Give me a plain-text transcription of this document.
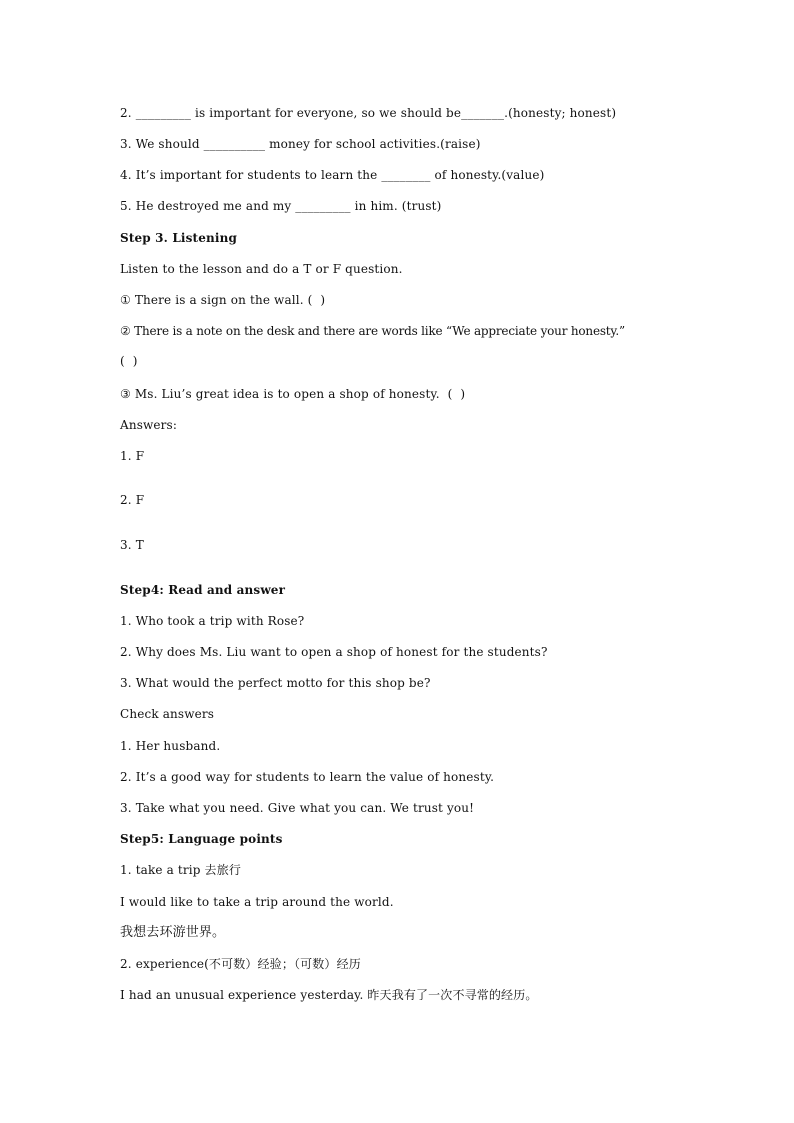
2. _________ is important for everyone, so we should be_______.(honesty; honest)
3. We should __________ money for school activities.(raise)
4. It’s important for students to learn the ________ of honesty.(value)
5. He destroyed me and my _________ in him. (trust)
Step 3. Listening
Listen to the lesson and do a T or F question.
① There is a sign on the wall. (  )
② There is a note on the desk and there are words like “We appreciate your honesty.”
(  )
③ Ms. Liu’s great idea is to open a shop of honesty.  (  )
Answers:
1. F
2. F
3. T
Step4: Read and answer
1. Who took a trip with Rose?
2. Why does Ms. Liu want to open a shop of honest for the students?
3. What would the perfect motto for this shop be?
Check answers
1. Her husband.
2. It’s a good way for students to learn the value of honesty.
3. Take what you need. Give what you can. We trust you!
Step5: Language points
1. take a trip 去旅行
I would like to take a trip around the world.
我想去环游世界。
2. experience(不可数）经验；（可数）经历
I had an unusual experience yesterday. 昨天我有了一次不寻常的经历。
